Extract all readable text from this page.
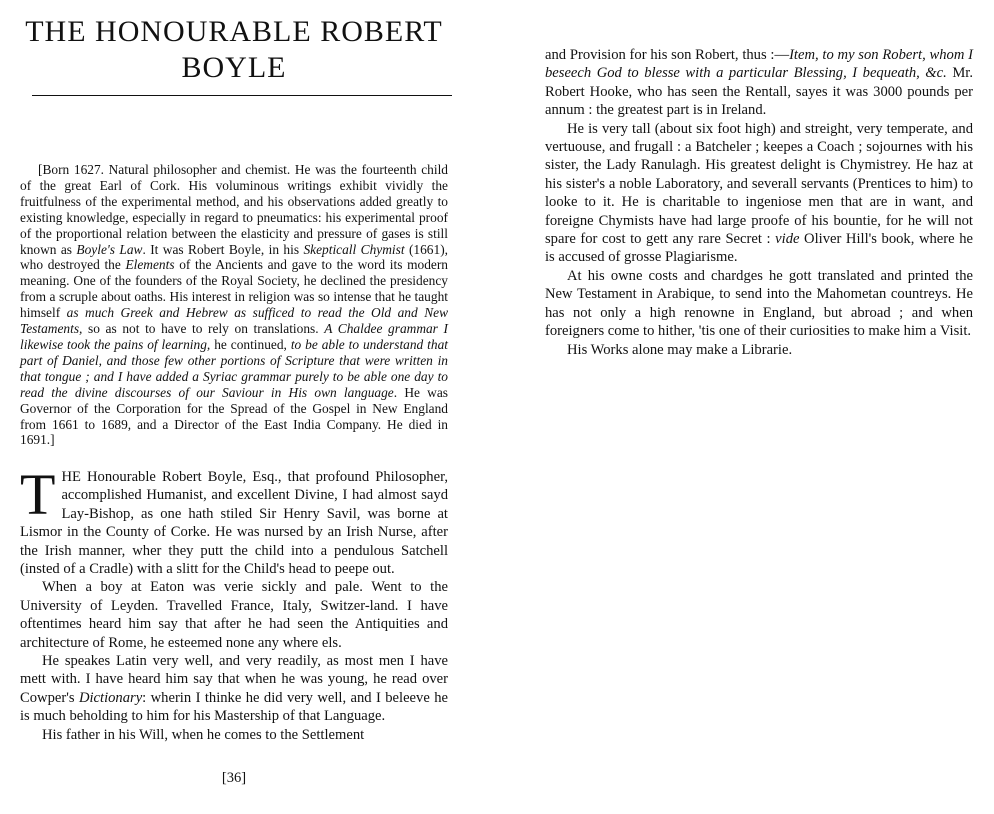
THE HONOURABLE ROBERT BOYLE

[Born 1627. Natural philosopher and chemist. He was the fourteenth child of the great Earl of Cork. His voluminous writings exhibit vividly the fruitfulness of the experimental method, and his observations added greatly to existing knowledge, especially in regard to pneumatics: his experimental proof of the proportional relation between the elasticity and pressure of gases is still known as Boyle's Law. It was Robert Boyle, in his Skepticall Chymist (1661), who destroyed the Elements of the Ancients and gave to the word its modern meaning. One of the founders of the Royal Society, he declined the presidency from a scruple about oaths. His interest in religion was so intense that he taught himself as much Greek and Hebrew as sufficed to read the Old and New Testaments, so as not to have to rely on translations. A Chaldee grammar I likewise took the pains of learning, he continued, to be able to understand that part of Daniel, and those few other portions of Scripture that were written in that tongue ; and I have added a Syriac grammar purely to be able one day to read the divine discourses of our Saviour in His own language. He was Governor of the Corporation for the Spread of the Gospel in New England from 1661 to 1689, and a Director of the East India Company. He died in 1691.]

THE Honourable Robert Boyle, Esq., that profound Philosopher, accomplished Humanist, and excellent Divine, I had almost sayd Lay-Bishop, as one hath stiled Sir Henry Savil, was borne at Lismor in the County of Corke. He was nursed by an Irish Nurse, after the Irish manner, wher they putt the child into a pendulous Satchell (insted of a Cradle) with a slitt for the Child's head to peepe out.

When a boy at Eaton was verie sickly and pale. Went to the University of Leyden. Travelled France, Italy, Switzer-land. I have oftentimes heard him say that after he had seen the Antiquities and architecture of Rome, he esteemed none any where els.

He speakes Latin very well, and very readily, as most men I have mett with. I have heard him say that when he was young, he read over Cowper's Dictionary: wherin I thinke he did very well, and I beleeve he is much beholding to him for his Mastership of that Language.

His father in his Will, when he comes to the Settlement

[36]

and Provision for his son Robert, thus :—Item, to my son Robert, whom I beseech God to blesse with a particular Blessing, I bequeath, &c. Mr. Robert Hooke, who has seen the Rentall, sayes it was 3000 pounds per annum : the greatest part is in Ireland.

He is very tall (about six foot high) and streight, very temperate, and vertuouse, and frugall : a Batcheler ; keepes a Coach ; sojournes with his sister, the Lady Ranulagh. His greatest delight is Chymistrey. He haz at his sister's a noble Laboratory, and severall servants (Prentices to him) to looke to it. He is charitable to ingeniose men that are in want, and foreigne Chymists have had large proofe of his bountie, for he will not spare for cost to gett any rare Secret : vide Oliver Hill's book, where he is accused of grosse Plagiarisme.

At his owne costs and chardges he gott translated and printed the New Testament in Arabique, to send into the Mahometan countreys. He has not only a high renowne in England, but abroad ; and when foreigners come to hither, 'tis one of their curiosities to make him a Visit.

His Works alone may make a Librarie.
